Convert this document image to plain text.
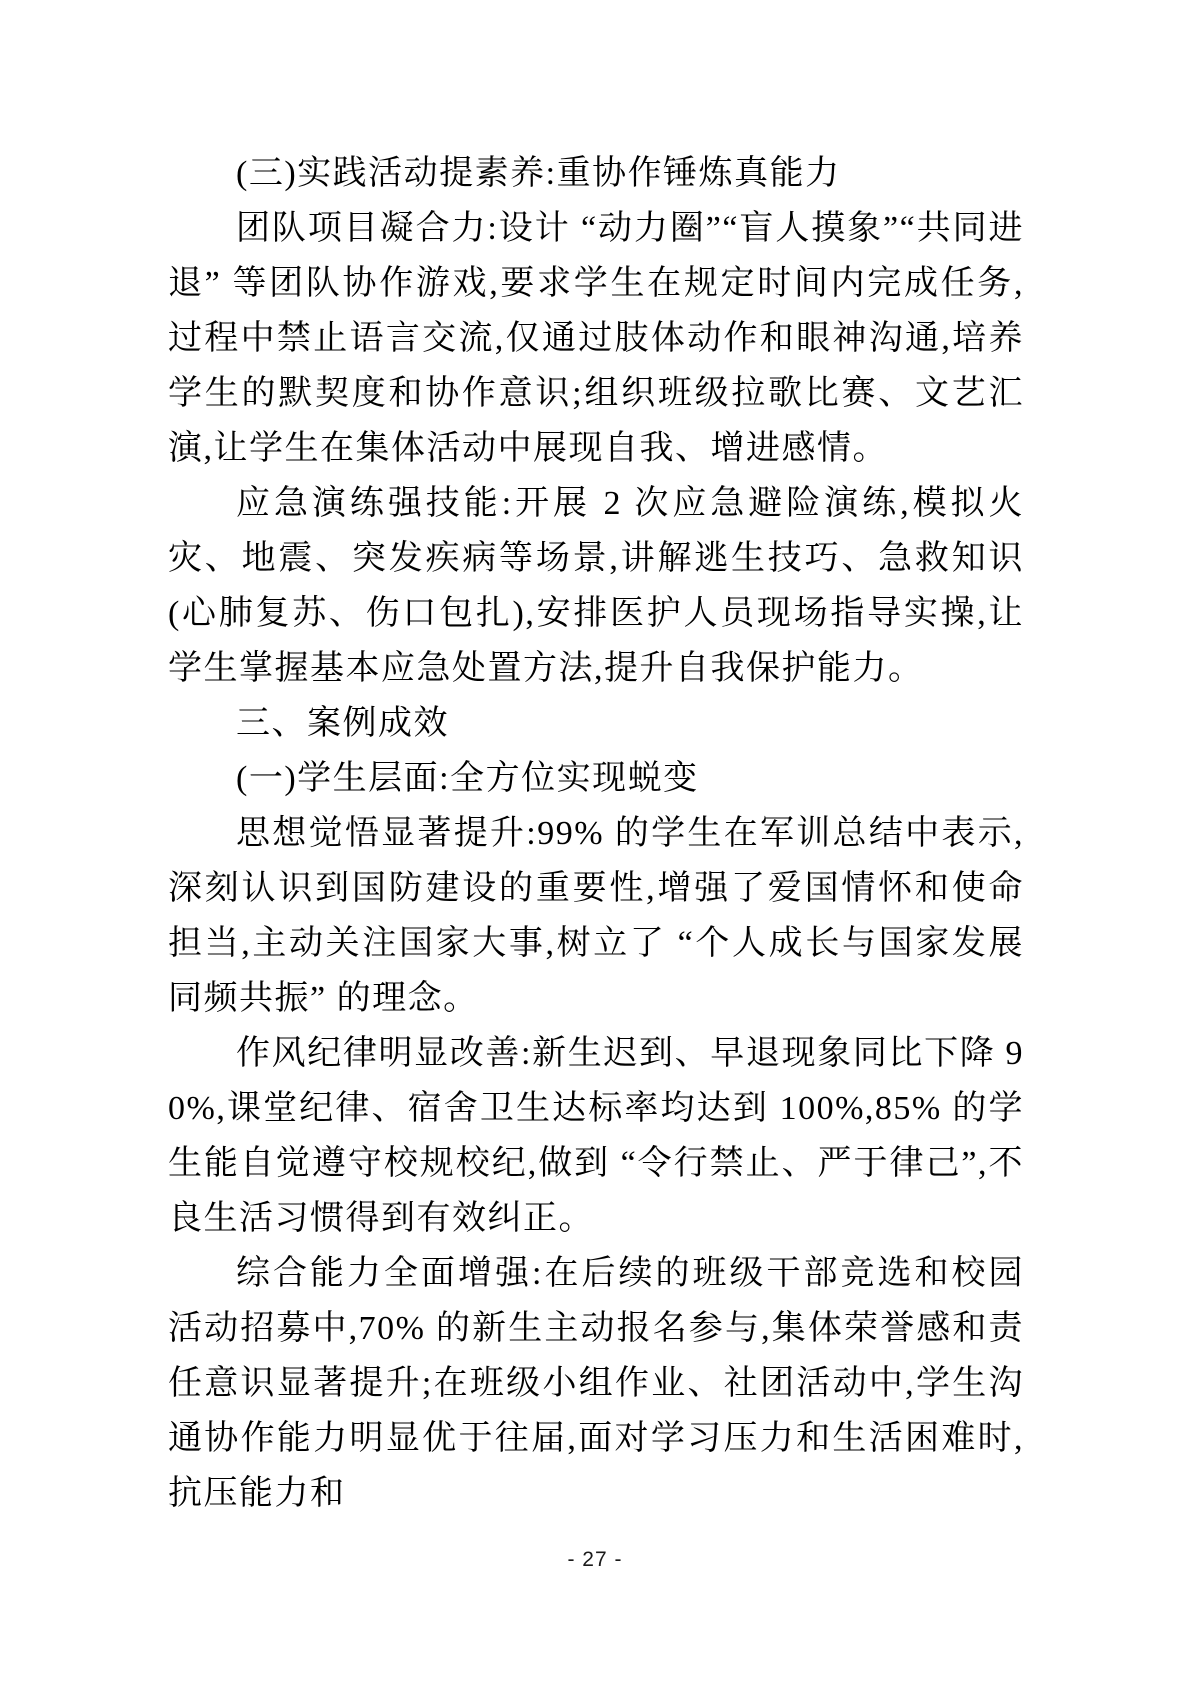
(三)实践活动提素养:重协作锤炼真能力

团队项目凝合力:设计 “动力圈”“盲人摸象”“共同进退” 等团队协作游戏,要求学生在规定时间内完成任务,过程中禁止语言交流,仅通过肢体动作和眼神沟通,培养学生的默契度和协作意识;组织班级拉歌比赛、文艺汇演,让学生在集体活动中展现自我、增进感情。

应急演练强技能:开展 2 次应急避险演练,模拟火灾、地震、突发疾病等场景,讲解逃生技巧、急救知识(心肺复苏、伤口包扎),安排医护人员现场指导实操,让学生掌握基本应急处置方法,提升自我保护能力。

三、案例成效

(一)学生层面:全方位实现蜕变

思想觉悟显著提升:99% 的学生在军训总结中表示,深刻认识到国防建设的重要性,增强了爱国情怀和使命担当,主动关注国家大事,树立了 “个人成长与国家发展同频共振” 的理念。

作风纪律明显改善:新生迟到、早退现象同比下降 90%,课堂纪律、宿舍卫生达标率均达到 100%,85% 的学生能自觉遵守校规校纪,做到 “令行禁止、严于律己”,不良生活习惯得到有效纠正。

综合能力全面增强:在后续的班级干部竞选和校园活动招募中,70% 的新生主动报名参与,集体荣誉感和责任意识显著提升;在班级小组作业、社团活动中,学生沟通协作能力明显优于往届,面对学习压力和生活困难时,抗压能力和

- 27 -
